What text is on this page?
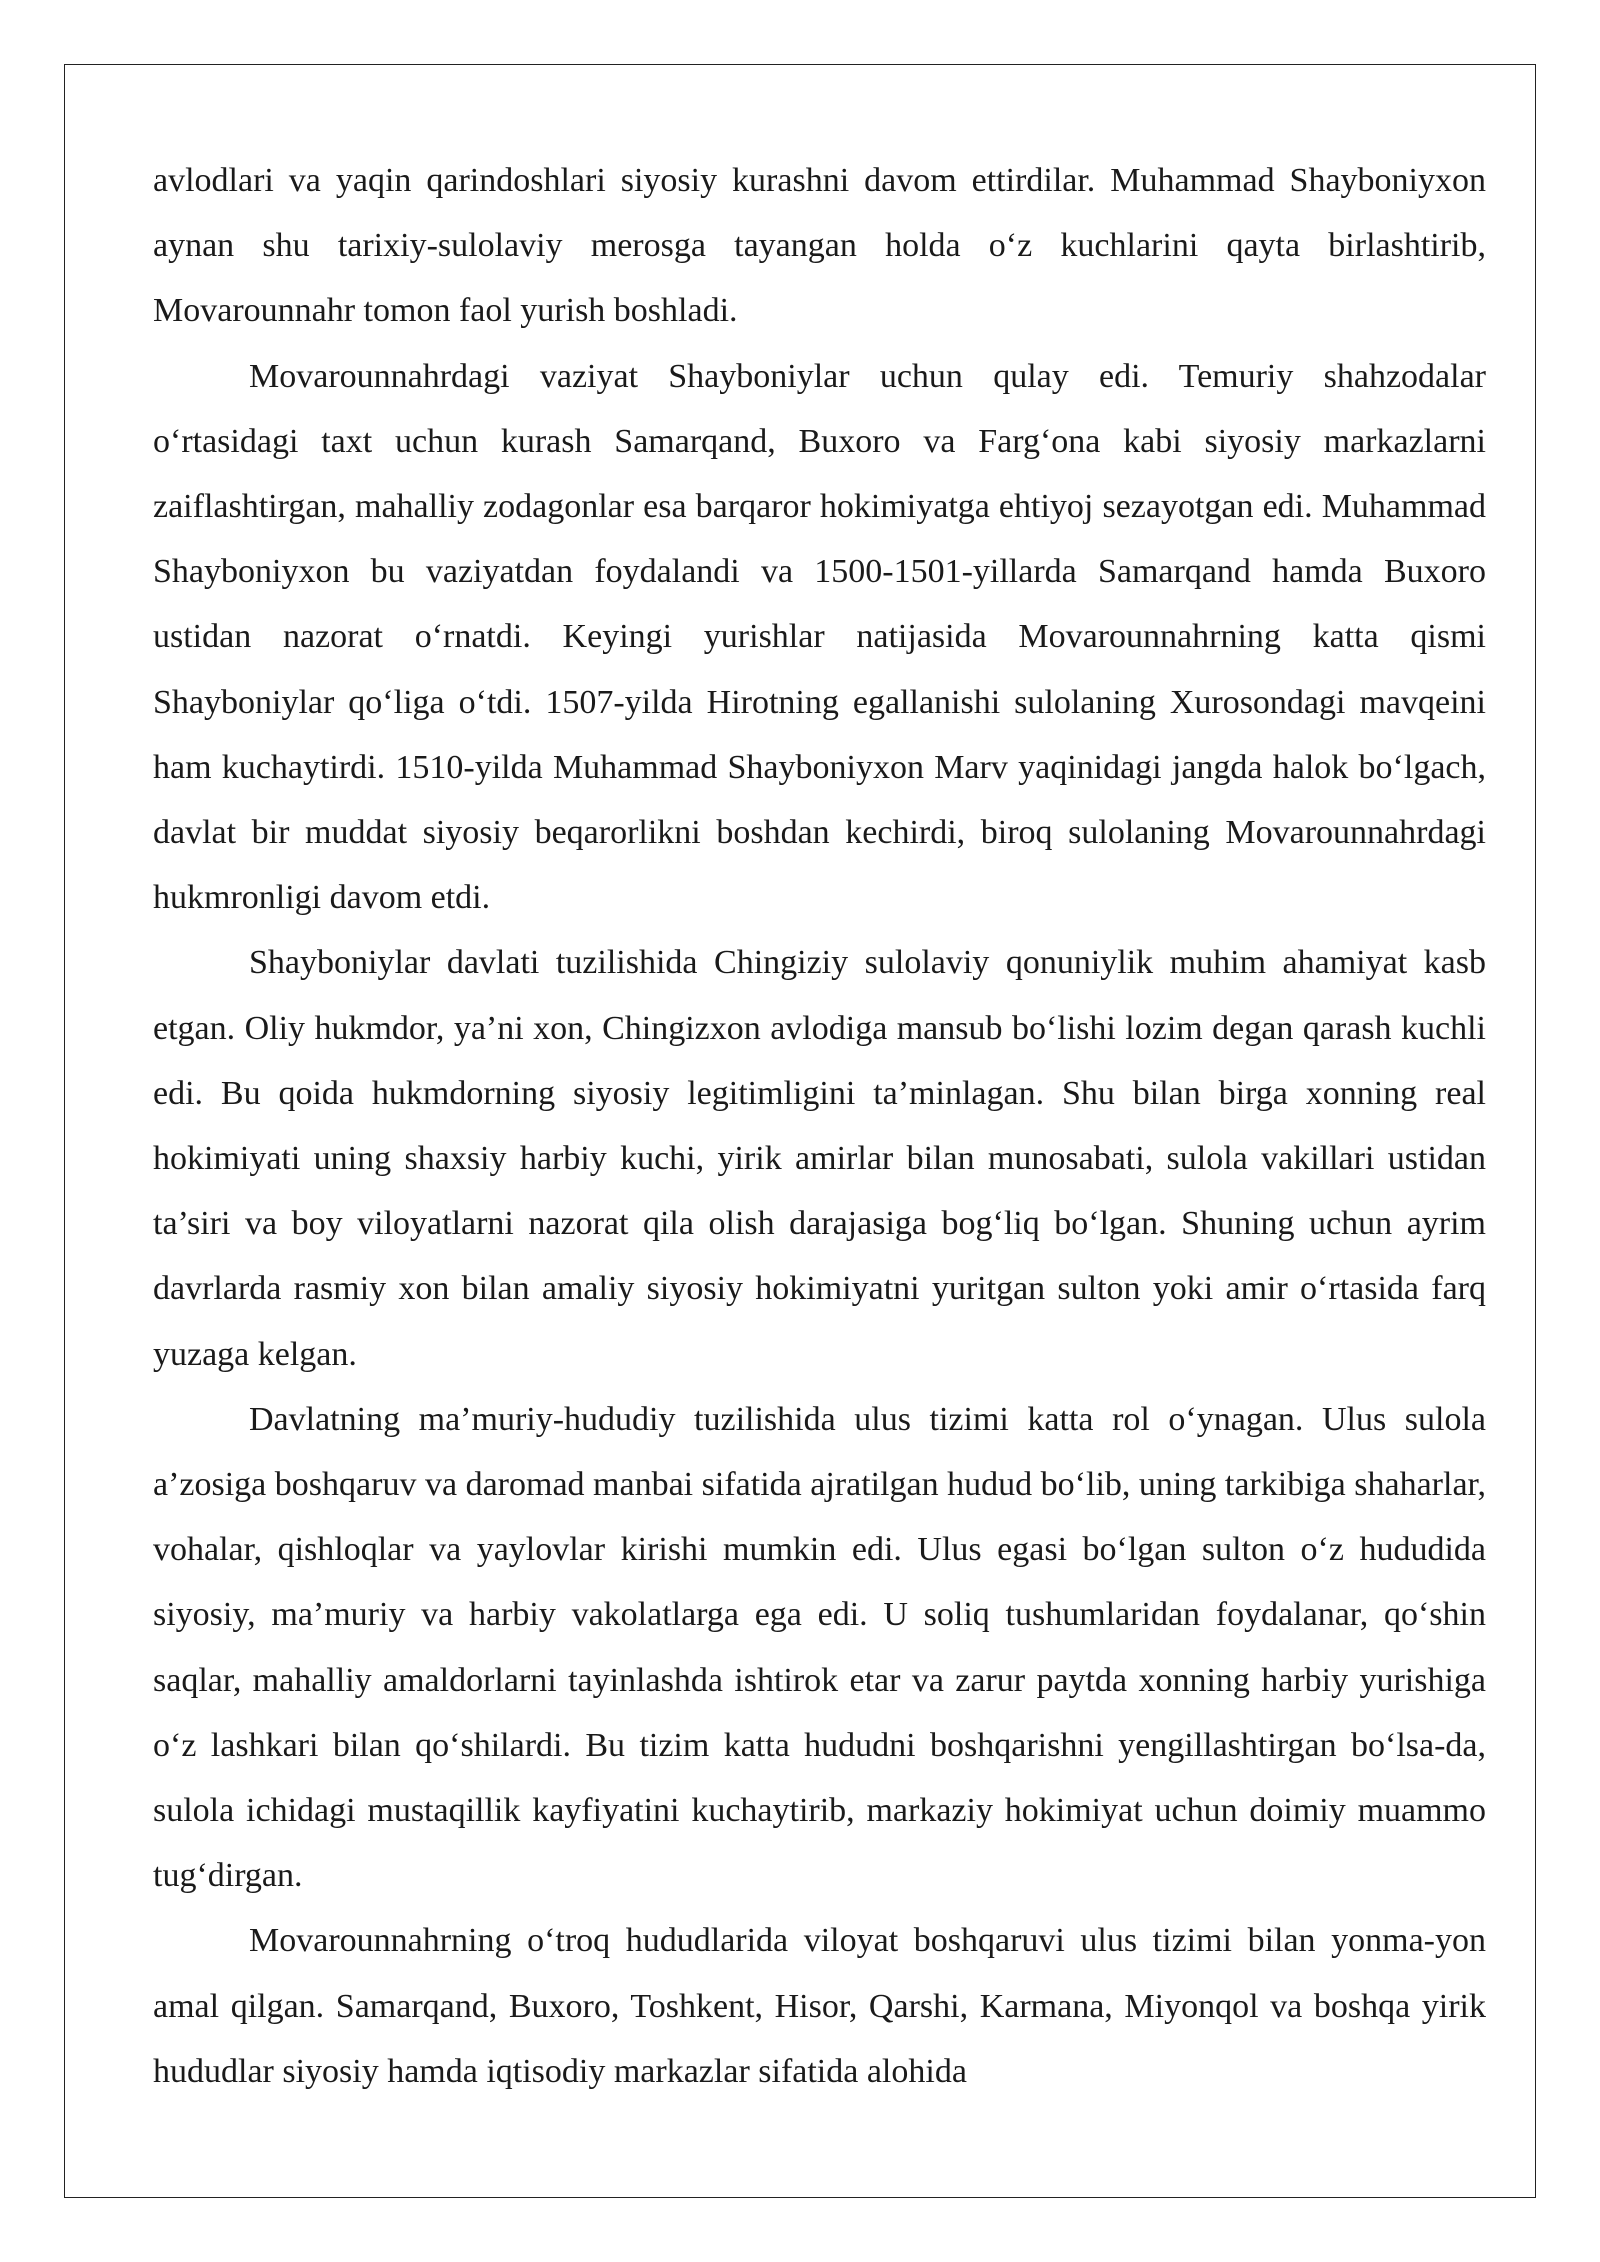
avlodlari va yaqin qarindoshlari siyosiy kurashni davom ettirdilar. Muhammad Shayboniyxon aynan shu tarixiy-sulolaviy merosga tayangan holda o‘z kuchlarini qayta birlashtirib, Movarounnahr tomon faol yurish boshladi.

Movarounnahrdagi vaziyat Shayboniylar uchun qulay edi. Temuriy shahzodalar o‘rtasidagi taxt uchun kurash Samarqand, Buxoro va Farg‘ona kabi siyosiy markazlarni zaiflashtirgan, mahalliy zodagonlar esa barqaror hokimiyatga ehtiyoj sezayotgan edi. Muhammad Shayboniyxon bu vaziyatdan foydalandi va 1500-1501-yillarda Samarqand hamda Buxoro ustidan nazorat o‘rnatdi. Keyingi yurishlar natijasida Movarounnahrning katta qismi Shayboniylar qo‘liga o‘tdi. 1507-yilda Hirotning egallanishi sulolaning Xurosondagi mavqeini ham kuchaytirdi. 1510-yilda Muhammad Shayboniyxon Marv yaqinidagi jangda halok bo‘lgach, davlat bir muddat siyosiy beqarorlikni boshdan kechirdi, biroq sulolaning Movarounnahrdagi hukmronligi davom etdi.

Shayboniylar davlati tuzilishida Chingiziy sulolaviy qonuniylik muhim ahamiyat kasb etgan. Oliy hukmdor, ya’ni xon, Chingizxon avlodiga mansub bo‘lishi lozim degan qarash kuchli edi. Bu qoida hukmdorning siyosiy legitimligini ta’minlagan. Shu bilan birga xonning real hokimiyati uning shaxsiy harbiy kuchi, yirik amirlar bilan munosabati, sulola vakillari ustidan ta’siri va boy viloyatlarni nazorat qila olish darajasiga bog‘liq bo‘lgan. Shuning uchun ayrim davrlarda rasmiy xon bilan amaliy siyosiy hokimiyatni yuritgan sulton yoki amir o‘rtasida farq yuzaga kelgan.

Davlatning ma’muriy-hududiy tuzilishida ulus tizimi katta rol o‘ynagan. Ulus sulola a’zosiga boshqaruv va daromad manbai sifatida ajratilgan hudud bo‘lib, uning tarkibiga shaharlar, vohalar, qishloqlar va yaylovlar kirishi mumkin edi. Ulus egasi bo‘lgan sulton o‘z hududida siyosiy, ma’muriy va harbiy vakolatlarga ega edi. U soliq tushumlaridan foydalanar, qo‘shin saqlar, mahalliy amaldorlarni tayinlashda ishtirok etar va zarur paytda xonning harbiy yurishiga o‘z lashkari bilan qo‘shilardi. Bu tizim katta hududni boshqarishni yengillashtirgan bo‘lsa-da, sulola ichidagi mustaqillik kayfiyatini kuchaytirib, markaziy hokimiyat uchun doimiy muammo tug‘dirgan.

Movarounnahrning o‘troq hududlarida viloyat boshqaruvi ulus tizimi bilan yonma-yon amal qilgan. Samarqand, Buxoro, Toshkent, Hisor, Qarshi, Karmana, Miyonqol va boshqa yirik hududlar siyosiy hamda iqtisodiy markazlar sifatida alohida
